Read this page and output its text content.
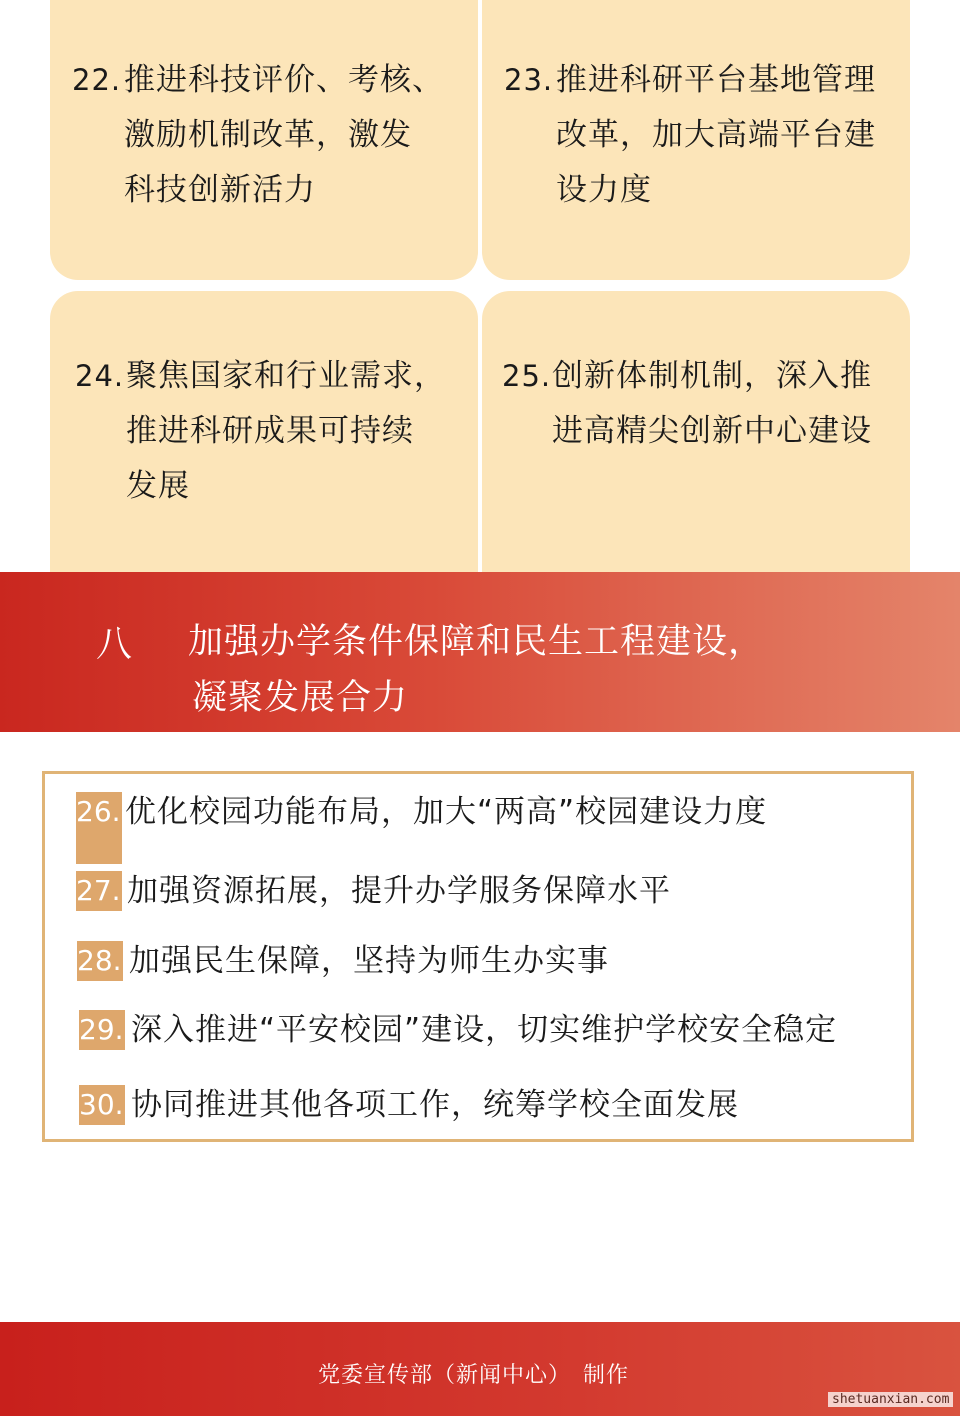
22. 推进科技评价、考核、
激励机制改革，激发
科技创新活力
23. 推进科研平台基地管理
改革，加大高端平台建
设力度
24. 聚焦国家和行业需求，
推进科研成果可持续
发展
25. 创新体制机制，深入推
进高精尖创新中心建设
八 加强办学条件保障和民生工程建设，
凝聚发展合力
26. 优化校园功能布局，加大“两高”校园建设力度
27. 加强资源拓展，提升办学服务保障水平
28. 加强民生保障，坚持为师生办实事
29. 深入推进“平安校园”建设，切实维护学校安全稳定
30. 协同推进其他各项工作，统筹学校全面发展
党委宣传部（新闻中心）　制作
shetuanxian.com
